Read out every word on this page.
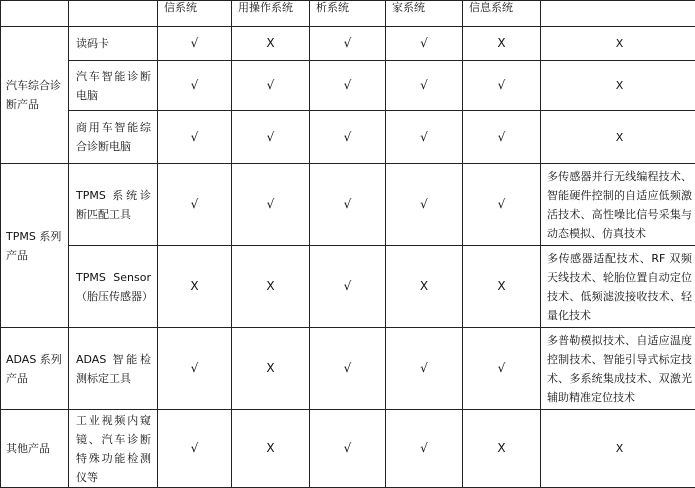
		信系统	用操作系统	析系统	家系统	信息系统	
汽车综合诊断产品	读码卡	√	X	√	√	X	X
	汽车智能诊断电脑	√	√	√	√	√	X
	商用车智能综合诊断电脑	√	√	√	√	√	X
TPMS 系列产品	TPMS 系统诊断匹配工具	√	√	√	√	√	多传感器并行无线编程技术、智能硬件控制的自适应低频激活技术、高性噪比信号采集与动态模拟、仿真技术
	TPMS Sensor（胎压传感器）	X	X	√	X	X	多传感器适配技术、RF 双频天线技术、轮胎位置自动定位技术、低频滤波接收技术、轻量化技术
ADAS 系列产品	ADAS 智能检测标定工具	√	X	√	√	√	多普勒模拟技术、自适应温度控制技术、智能引导式标定技术、多系统集成技术、双激光辅助精准定位技术
其他产品	工业视频内窥镜、汽车诊断特殊功能检测仪等	√	X	√	√	X	X
